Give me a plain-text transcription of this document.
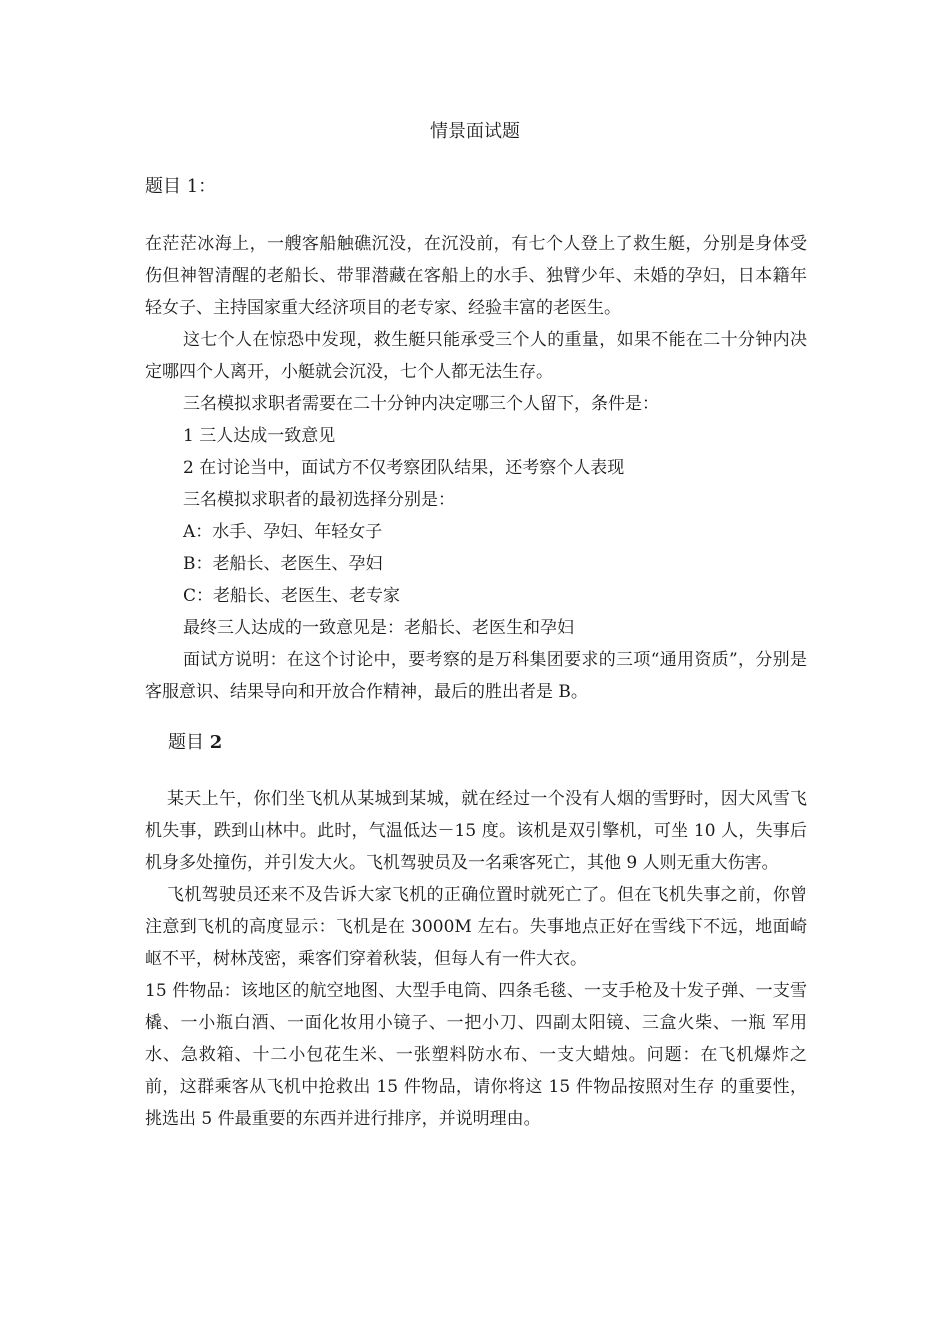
情景面试题
题目 1：
在茫茫冰海上，一艘客船触礁沉没，在沉没前，有七个人登上了救生艇，分别是身体受伤但神智清醒的老船长、带罪潜藏在客船上的水手、独臂少年、未婚的孕妇，日本籍年轻女子、主持国家重大经济项目的老专家、经验丰富的老医生。
这七个人在惊恐中发现，救生艇只能承受三个人的重量，如果不能在二十分钟内决定哪四个人离开，小艇就会沉没，七个人都无法生存。
三名模拟求职者需要在二十分钟内决定哪三个人留下，条件是：
1 三人达成一致意见
2 在讨论当中，面试方不仅考察团队结果，还考察个人表现
三名模拟求职者的最初选择分别是：
A：水手、孕妇、年轻女子
B：老船长、老医生、孕妇
C：老船长、老医生、老专家
最终三人达成的一致意见是：老船长、老医生和孕妇
面试方说明：在这个讨论中，要考察的是万科集团要求的三项“通用资质”，分别是客服意识、结果导向和开放合作精神，最后的胜出者是 B。
题目 2
某天上午，你们坐飞机从某城到某城，就在经过一个没有人烟的雪野时，因大风雪飞机失事，跌到山林中。此时，气温低达－15 度。该机是双引擎机，可坐 10 人，失事后机身多处撞伤，并引发大火。飞机驾驶员及一名乘客死亡，其他 9 人则无重大伤害。
飞机驾驶员还来不及告诉大家飞机的正确位置时就死亡了。但在飞机失事之前，你曾注意到飞机的高度显示：飞机是在 3000M 左右。失事地点正好在雪线下不远，地面崎岖不平，树林茂密，乘客们穿着秋装，但每人有一件大衣。
15 件物品：该地区的航空地图、大型手电筒、四条毛毯、一支手枪及十发子弹、一支雪橇、一小瓶白酒、一面化妆用小镜子、一把小刀、四副太阳镜、三盒火柴、一瓶 军用水、急救箱、十二小包花生米、一张塑料防水布、一支大蜡烛。问题：在飞机爆炸之前，这群乘客从飞机中抢救出 15 件物品，请你将这 15 件物品按照对生存 的重要性，挑选出 5 件最重要的东西并进行排序，并说明理由。
